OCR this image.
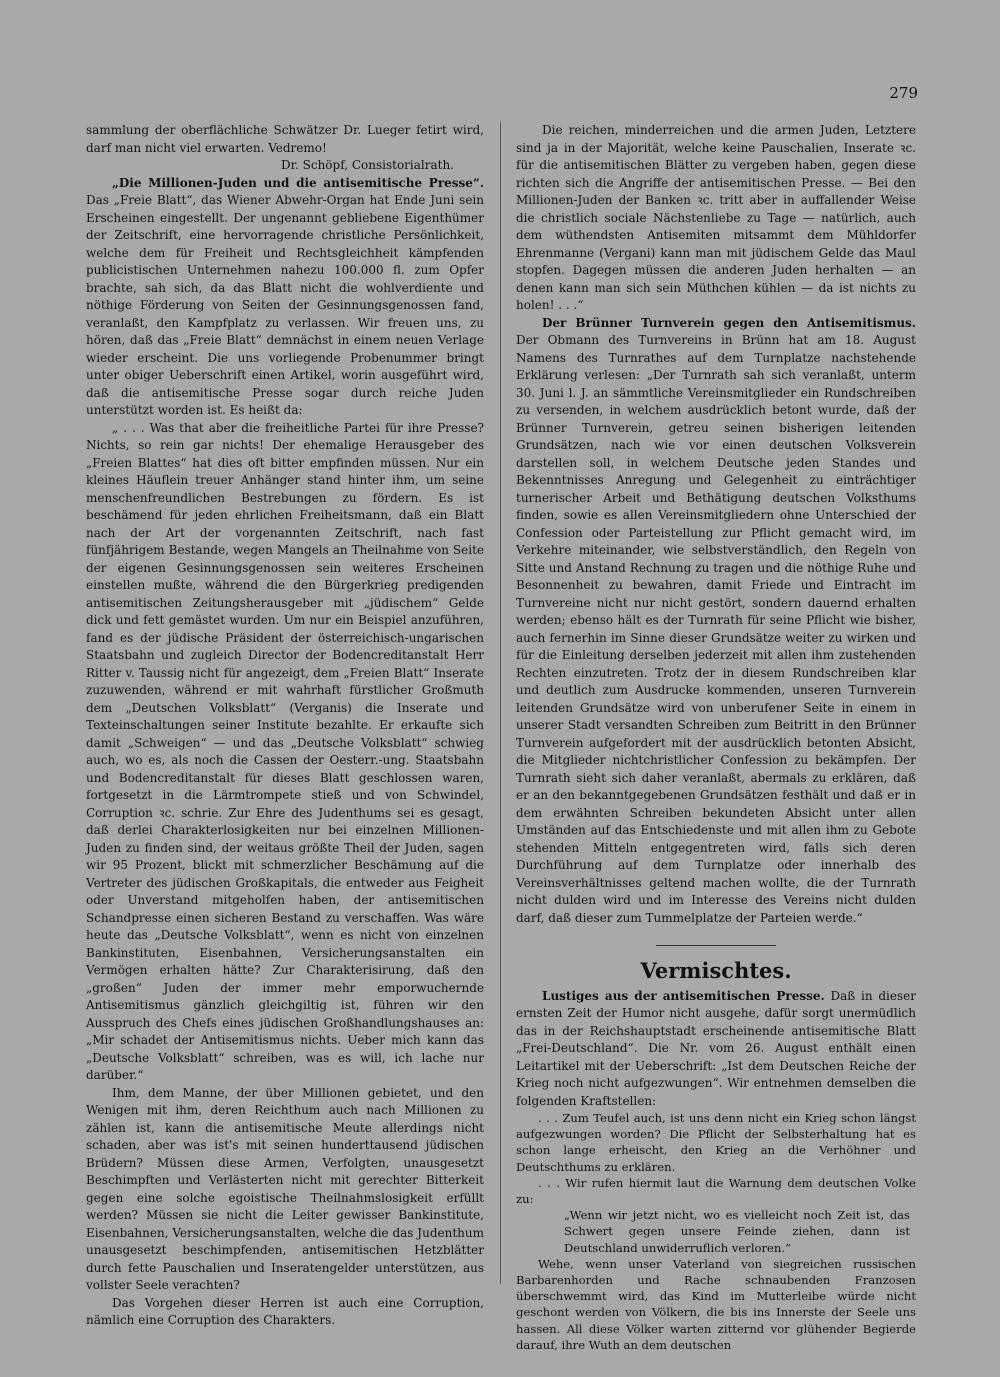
279

sammlung der oberflächliche Schwätzer Dr. Lueger fetirt wird, darf man nicht viel erwarten. Vedremo!

Dr. Schöpf, Consistorialrath.

„Die Millionen-Juden und die antisemitische Presse“. Das „Freie Blatt“, das Wiener Abwehr-Organ hat Ende Juni sein Erscheinen eingestellt. Der ungenannt gebliebene Eigenthümer der Zeitschrift, eine hervorragende christliche Persönlichkeit, welche dem für Freiheit und Rechtsgleichheit kämpfenden publicistischen Unternehmen nahezu 100.000 fl. zum Opfer brachte, sah sich, da das Blatt nicht die wohlverdiente und nöthige Förderung von Seiten der Gesinnungsgenossen fand, veranlaßt, den Kampfplatz zu verlassen. Wir freuen uns, zu hören, daß das „Freie Blatt“ demnächst in einem neuen Verlage wieder erscheint. Die uns vorliegende Probenummer bringt unter obiger Ueberschrift einen Artikel, worin ausgeführt wird, daß die antisemitische Presse sogar durch reiche Juden unterstützt worden ist. Es heißt da:

„ . . . Was that aber die freiheitliche Partei für ihre Presse? Nichts, so rein gar nichts! Der ehemalige Herausgeber des „Freien Blattes“ hat dies oft bitter empfinden müssen. Nur ein kleines Häuflein treuer Anhänger stand hinter ihm, um seine menschenfreundlichen Bestrebungen zu fördern. Es ist beschämend für jeden ehrlichen Freiheitsmann, daß ein Blatt nach der Art der vorgenannten Zeitschrift, nach fast fünfjährigem Bestande, wegen Mangels an Theilnahme von Seite der eigenen Gesinnungsgenossen sein weiteres Erscheinen einstellen mußte, während die den Bürgerkrieg predigenden antisemitischen Zeitungsherausgeber mit „jüdischem“ Gelde dick und fett gemästet wurden. Um nur ein Beispiel anzuführen, fand es der jüdische Präsident der österreichisch-ungarischen Staatsbahn und zugleich Director der Bodencreditanstalt Herr Ritter v. Taussig nicht für angezeigt, dem „Freien Blatt“ Inserate zuzuwenden, während er mit wahrhaft fürstlicher Großmuth dem „Deutschen Volksblatt“ (Verganis) die Inserate und Texteinschaltungen seiner Institute bezahlte. Er erkaufte sich damit „Schweigen“ — und das „Deutsche Volksblatt“ schwieg auch, wo es, als noch die Cassen der Oesterr.-ung. Staatsbahn und Bodencreditanstalt für dieses Blatt geschlossen waren, fortgesetzt in die Lärmtrompete stieß und von Schwindel, Corruption ꝛc. schrie. Zur Ehre des Judenthums sei es gesagt, daß derlei Charakterlosigkeiten nur bei einzelnen Millionen-Juden zu finden sind, der weitaus größte Theil der Juden, sagen wir 95 Prozent, blickt mit schmerzlicher Beschämung auf die Vertreter des jüdischen Großkapitals, die entweder aus Feigheit oder Unverstand mitgeholfen haben, der antisemitischen Schandpresse einen sicheren Bestand zu verschaffen. Was wäre heute das „Deutsche Volksblatt“, wenn es nicht von einzelnen Bankinstituten, Eisenbahnen, Versicherungsanstalten ein Vermögen erhalten hätte? Zur Charakterisirung, daß den „großen“ Juden der immer mehr emporwuchernde Antisemitismus gänzlich gleichgiltig ist, führen wir den Ausspruch des Chefs eines jüdischen Großhandlungshauses an: „Mir schadet der Antisemitismus nichts. Ueber mich kann das „Deutsche Volksblatt“ schreiben, was es will, ich lache nur darüber.“

Ihm, dem Manne, der über Millionen gebietet, und den Wenigen mit ihm, deren Reichthum auch nach Millionen zu zählen ist, kann die antisemitische Meute allerdings nicht schaden, aber was ist's mit seinen hunderttausend jüdischen Brüdern? Müssen diese Armen, Verfolgten, unausgesetzt Beschimpften und Verlästerten nicht mit gerechter Bitterkeit gegen eine solche egoistische Theilnahmslosigkeit erfüllt werden? Müssen sie nicht die Leiter gewisser Bankinstitute, Eisenbahnen, Versicherungsanstalten, welche die das Judenthum unausgesetzt beschimpfenden, antisemitischen Hetzblätter durch fette Pauschalien und Inseratengelder unterstützen, aus vollster Seele verachten?

Das Vorgehen dieser Herren ist auch eine Corruption, nämlich eine Corruption des Charakters.

Die reichen, minderreichen und die armen Juden, Letztere sind ja in der Majorität, welche keine Pauschalien, Inserate ꝛc. für die antisemitischen Blätter zu vergeben haben, gegen diese richten sich die Angriffe der antisemitischen Presse. — Bei den Millionen-Juden der Banken ꝛc. tritt aber in auffallender Weise die christlich sociale Nächstenliebe zu Tage — natürlich, auch dem wüthendsten Antisemiten mitsammt dem Mühldorfer Ehrenmanne (Vergani) kann man mit jüdischem Gelde das Maul stopfen. Dagegen müssen die anderen Juden herhalten — an denen kann man sich sein Müthchen kühlen — da ist nichts zu holen! . . .“

Der Brünner Turnverein gegen den Antisemitismus. Der Obmann des Turnvereins in Brünn hat am 18. August Namens des Turnrathes auf dem Turnplatze nachstehende Erklärung verlesen: „Der Turnrath sah sich veranlaßt, unterm 30. Juni l. J. an sämmtliche Vereinsmitglieder ein Rundschreiben zu versenden, in welchem ausdrücklich betont wurde, daß der Brünner Turnverein, getreu seinen bisherigen leitenden Grundsätzen, nach wie vor einen deutschen Volksverein darstellen soll, in welchem Deutsche jeden Standes und Bekenntnisses Anregung und Gelegenheit zu einträchtiger turnerischer Arbeit und Bethätigung deutschen Volksthums finden, sowie es allen Vereinsmitgliedern ohne Unterschied der Confession oder Parteistellung zur Pflicht gemacht wird, im Verkehre miteinander, wie selbstverständlich, den Regeln von Sitte und Anstand Rechnung zu tragen und die nöthige Ruhe und Besonnenheit zu bewahren, damit Friede und Eintracht im Turnvereine nicht nur nicht gestört, sondern dauernd erhalten werden; ebenso hält es der Turnrath für seine Pflicht wie bisher, auch fernerhin im Sinne dieser Grundsätze weiter zu wirken und für die Einleitung derselben jederzeit mit allen ihm zustehenden Rechten einzutreten. Trotz der in diesem Rundschreiben klar und deutlich zum Ausdrucke kommenden, unseren Turnverein leitenden Grundsätze wird von unberufener Seite in einem in unserer Stadt versandten Schreiben zum Beitritt in den Brünner Turnverein aufgefordert mit der ausdrücklich betonten Absicht, die Mitglieder nichtchristlicher Confession zu bekämpfen. Der Turnrath sieht sich daher veranlaßt, abermals zu erklären, daß er an den bekanntgegebenen Grundsätzen festhält und daß er in dem erwähnten Schreiben bekundeten Absicht unter allen Umständen auf das Entschiedenste und mit allen ihm zu Gebote stehenden Mitteln entgegentreten wird, falls sich deren Durchführung auf dem Turnplatze oder innerhalb des Vereinsverhältnisses geltend machen wollte, die der Turnrath nicht dulden wird und im Interesse des Vereins nicht dulden darf, daß dieser zum Tummelplatze der Parteien werde.“

Vermischtes.

Lustiges aus der antisemitischen Presse. Daß in dieser ernsten Zeit der Humor nicht ausgehe, dafür sorgt unermüdlich das in der Reichshauptstadt erscheinende antisemitische Blatt „Frei-Deutschland“. Die Nr. vom 26. August enthält einen Leitartikel mit der Ueberschrift: „Ist dem Deutschen Reiche der Krieg noch nicht aufgezwungen“. Wir entnehmen demselben die folgenden Kraftstellen:

. . . Zum Teufel auch, ist uns denn nicht ein Krieg schon längst aufgezwungen worden? Die Pflicht der Selbsterhaltung hat es schon lange erheischt, den Krieg an die Verhöhner und Deutschthums zu erklären.

. . . Wir rufen hiermit laut die Warnung dem deutschen Volke zu:

„Wenn wir jetzt nicht, wo es vielleicht noch Zeit ist, das Schwert gegen unsere Feinde ziehen, dann ist Deutschland unwiderruflich verloren.“

Wehe, wenn unser Vaterland von siegreichen russischen Barbarenhorden und Rache schnaubenden Franzosen überschwemmt wird, das Kind im Mutterleibe würde nicht geschont werden von Völkern, die bis ins Innerste der Seele uns hassen. All diese Völker warten zitternd vor glühender Begierde darauf, ihre Wuth an dem deutschen
